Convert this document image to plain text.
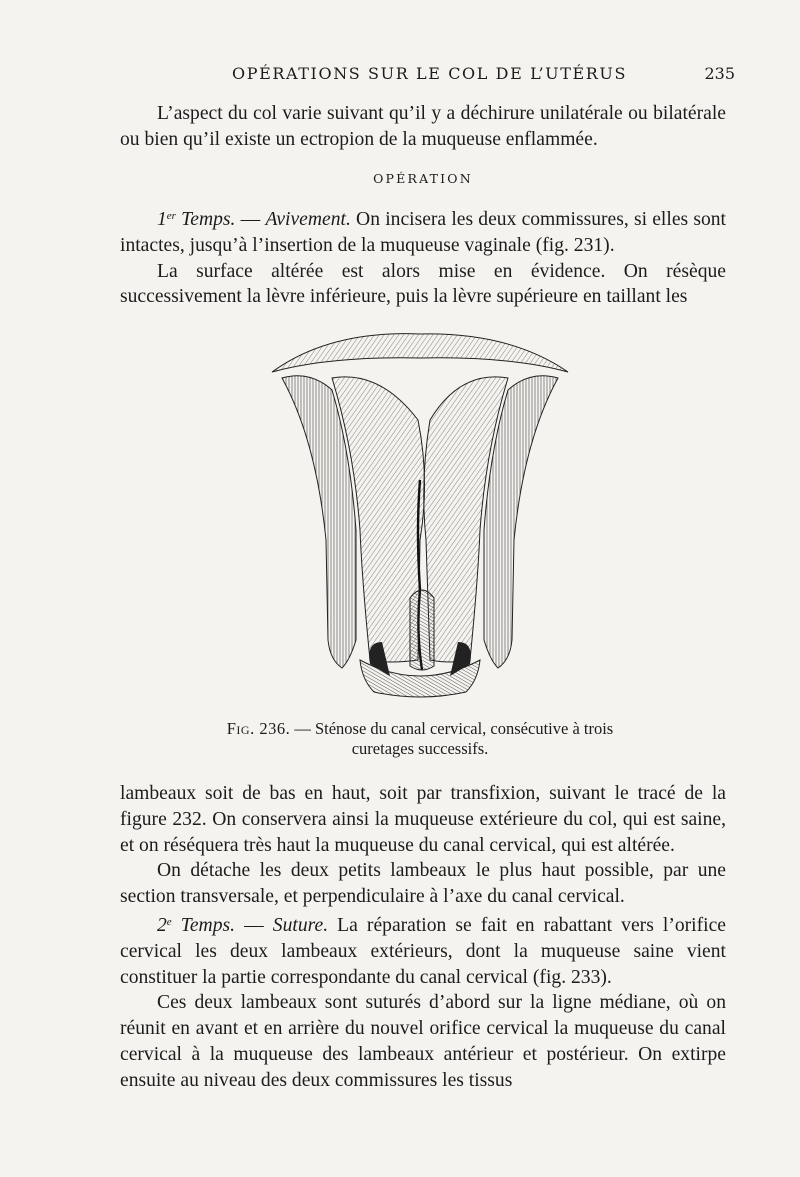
OPÉRATIONS SUR LE COL DE L’UTÉRUS	235

L’aspect du col varie suivant qu’il y a déchirure unilatérale ou bilatérale ou bien qu’il existe un ectropion de la muqueuse enflammée.

OPÉRATION

1er Temps. — Avivement. On incisera les deux commissures, si elles sont intactes, jusqu’à l’insertion de la muqueuse vaginale (fig. 231).

La surface altérée est alors mise en évidence. On résèque successivement la lèvre inférieure, puis la lèvre supérieure en taillant les

Fig. 236. — Sténose du canal cervical, consécutive à trois curetages successifs.

lambeaux soit de bas en haut, soit par transfixion, suivant le tracé de la figure 232. On conservera ainsi la muqueuse extérieure du col, qui est saine, et on réséquera très haut la muqueuse du canal cervical, qui est altérée.

On détache les deux petits lambeaux le plus haut possible, par une section transversale, et perpendiculaire à l’axe du canal cervical.

2e Temps. — Suture. La réparation se fait en rabattant vers l’orifice cervical les deux lambeaux extérieurs, dont la muqueuse saine vient constituer la partie correspondante du canal cervical (fig. 233).

Ces deux lambeaux sont suturés d’abord sur la ligne médiane, où on réunit en avant et en arrière du nouvel orifice cervical la muqueuse du canal cervical à la muqueuse des lambeaux antérieur et postérieur. On extirpe ensuite au niveau des deux commissures les tissus
